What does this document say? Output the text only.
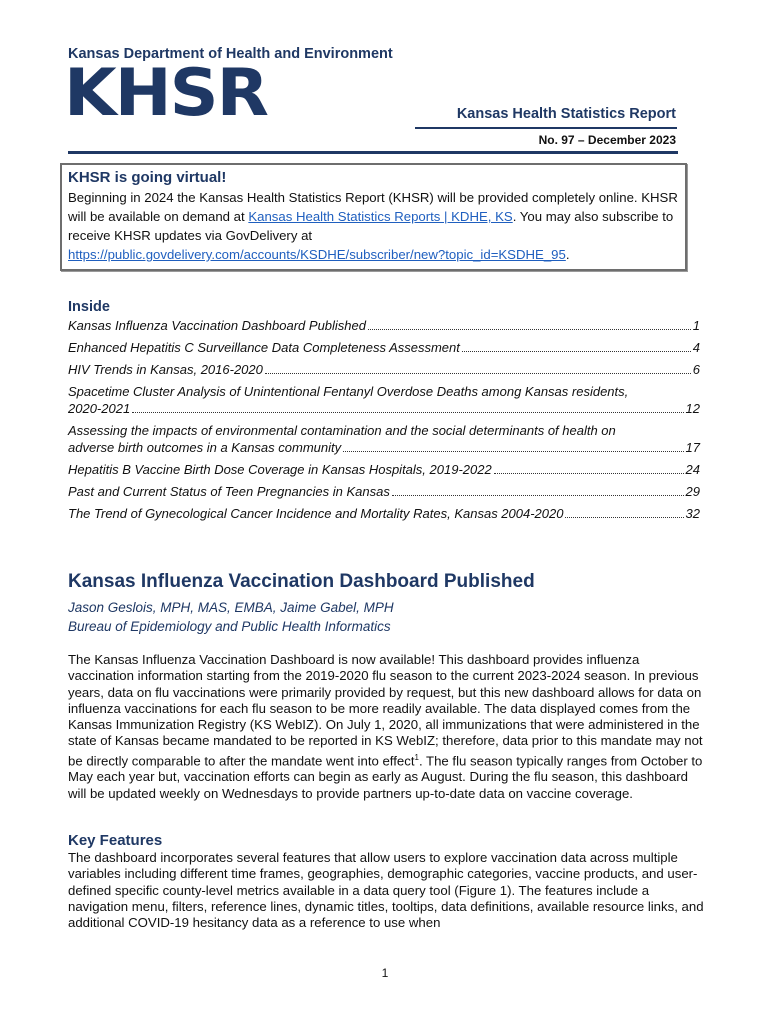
Kansas Department of Health and Environment
KHSR	Kansas Health Statistics Report
No. 97 – December 2023
KHSR is going virtual!
Beginning in 2024 the Kansas Health Statistics Report (KHSR) will be provided completely online. KHSR will be available on demand at Kansas Health Statistics Reports | KDHE, KS. You may also subscribe to receive KHSR updates via GovDelivery at https://public.govdelivery.com/accounts/KSDHE/subscriber/new?topic_id=KSDHE_95.
Inside
Kansas Influenza Vaccination Dashboard Published	1
Enhanced Hepatitis C Surveillance Data Completeness Assessment	4
HIV Trends in Kansas, 2016-2020	6
Spacetime Cluster Analysis of Unintentional Fentanyl Overdose Deaths among Kansas residents,
2020-2021	12
Assessing the impacts of environmental contamination and the social determinants of health on
adverse birth outcomes in a Kansas community	17
Hepatitis B Vaccine Birth Dose Coverage in Kansas Hospitals, 2019-2022	24
Past and Current Status of Teen Pregnancies in Kansas	29
The Trend of Gynecological Cancer Incidence and Mortality Rates, Kansas 2004-2020	32
Kansas Influenza Vaccination Dashboard Published
Jason Geslois, MPH, MAS, EMBA, Jaime Gabel, MPH
Bureau of Epidemiology and Public Health Informatics
The Kansas Influenza Vaccination Dashboard is now available! This dashboard provides influenza vaccination information starting from the 2019-2020 flu season to the current 2023-2024 season. In previous years, data on flu vaccinations were primarily provided by request, but this new dashboard allows for data on influenza vaccinations for each flu season to be more readily available. The data displayed comes from the Kansas Immunization Registry (KS WebIZ). On July 1, 2020, all immunizations that were administered in the state of Kansas became mandated to be reported in KS WebIZ; therefore, data prior to this mandate may not be directly comparable to after the mandate went into effect$^1$. The flu season typically ranges from October to May each year but, vaccination efforts can begin as early as August. During the flu season, this dashboard will be updated weekly on Wednesdays to provide partners up-to-date data on vaccine coverage.
Key Features
The dashboard incorporates several features that allow users to explore vaccination data across multiple variables including different time frames, geographies, demographic categories, vaccine products, and user-defined specific county-level metrics available in a data query tool (Figure 1). The features include a navigation menu, filters, reference lines, dynamic titles, tooltips, data definitions, available resource links, and additional COVID-19 hesitancy data as a reference to use when
1
